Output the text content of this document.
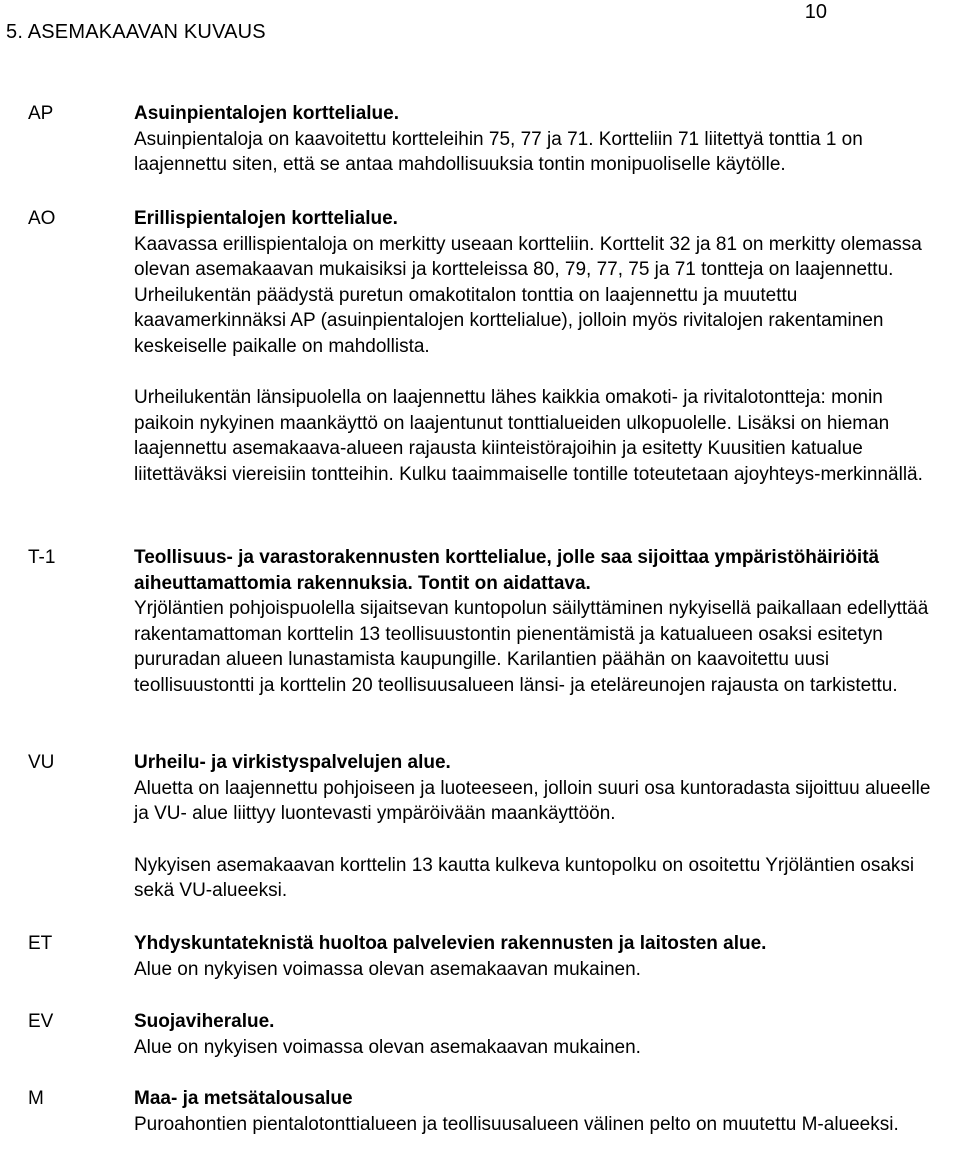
10
5. ASEMAKAAVAN KUVAUS
AP	Asuinpientalojen korttelialue.

Asuinpientaloja on kaavoitettu kortteleihin 75, 77 ja 71. Kortteliin 71 liitettyä tonttia 1 on laajennettu siten, että se antaa mahdollisuuksia tontin monipuoliselle käytölle.

AO	Erillispientalojen korttelialue.

Kaavassa erillispientaloja on merkitty useaan kortteliin. Korttelit 32 ja 81 on merkitty olemassa olevan asemakaavan mukaisiksi ja kortteleissa 80, 79, 77, 75 ja 71 tontteja on laajennettu. Urheilukentän päädystä puretun omakotitalon tonttia on laajennettu ja muutettu kaavamerkinnäksi AP (asuinpientalojen korttelialue), jolloin myös rivitalojen rakentaminen keskeiselle paikalle on mahdollista.

Urheilukentän länsipuolella on laajennettu lähes kaikkia omakoti- ja rivitalotontteja: monin paikoin nykyinen maankäyttö on laajentunut tonttialueiden ulkopuolelle. Lisäksi on hieman laajennettu asemakaava-alueen rajausta kiinteistörajoihin ja esitetty Kuusitien katualue liitettäväksi viereisiin tontteihin. Kulku taaimmaiselle tontille toteutetaan ajoyhteys-merkinnällä.

T-1	Teollisuus- ja varastorakennusten korttelialue, jolle saa sijoittaa ympäristöhäiriöitä aiheuttamattomia rakennuksia. Tontit on aidattava.

Yrjöläntien pohjoispuolella sijaitsevan kuntopolun säilyttäminen nykyisellä paikallaan edellyttää rakentamattoman korttelin 13 teollisuustontin pienentämistä ja katualueen osaksi esitetyn pururadan alueen lunastamista kaupungille. Karilantien päähän on kaavoitettu uusi teollisuustontti ja korttelin 20 teollisuusalueen länsi- ja eteläreunojen rajausta on tarkistettu.

VU	Urheilu- ja virkistyspalvelujen alue.

Aluetta on laajennettu pohjoiseen ja luoteeseen, jolloin suuri osa kuntoradasta sijoittuu alueelle ja VU- alue liittyy luontevasti ympäröivään maankäyttöön.

Nykyisen asemakaavan korttelin 13 kautta kulkeva kuntopolku on osoitettu Yrjöläntien osaksi sekä VU-alueeksi.

ET	Yhdyskuntateknistä huoltoa palvelevien rakennusten ja laitosten alue.

Alue on nykyisen voimassa olevan asemakaavan mukainen.

EV	Suojaviheralue.

Alue on nykyisen voimassa olevan asemakaavan mukainen.

M	Maa- ja metsätalousalue

Puroahontien pientalotonttialueen ja teollisuusalueen välinen pelto on muutettu M-alueeksi.
